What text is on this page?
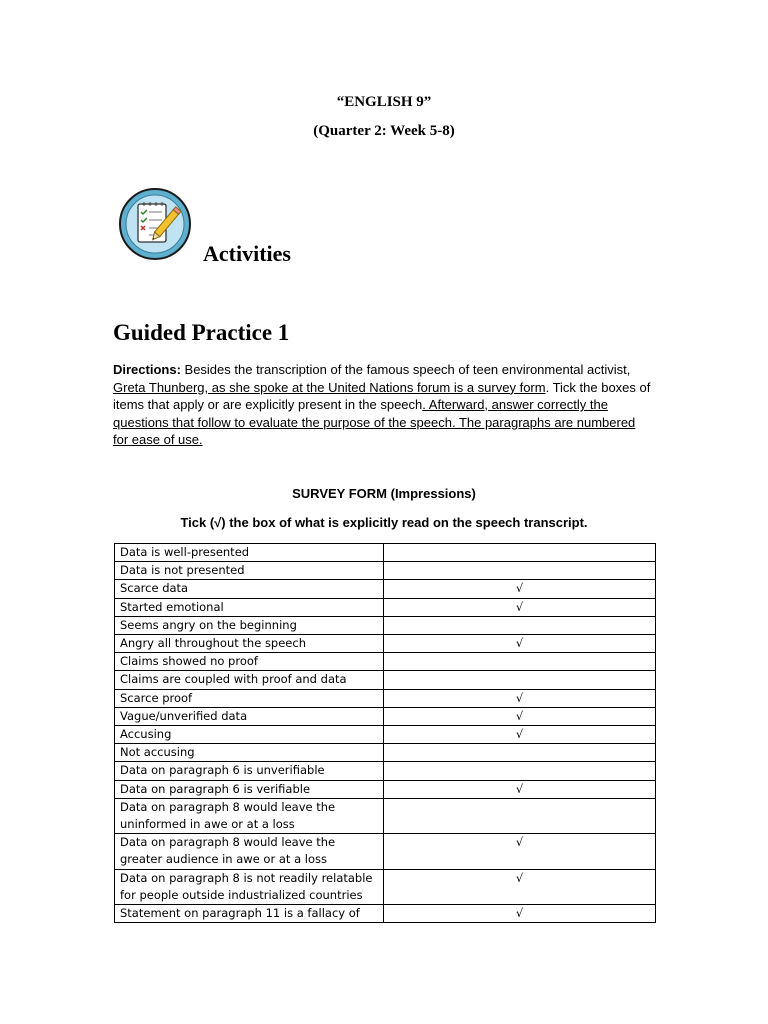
“ENGLISH 9”
(Quarter 2: Week 5-8)
Activities
Guided Practice 1
Directions: Besides the transcription of the famous speech of teen environmental activist, Greta Thunberg, as she spoke at the United Nations forum is a survey form. Tick the boxes of items that apply or are explicitly present in the speech. Afterward, answer correctly the questions that follow to evaluate the purpose of the speech. The paragraphs are numbered for ease of use.
SURVEY FORM (Impressions)
Tick (√) the box of what is explicitly read on the speech transcript.
Data is well-presented	
Data is not presented	
Scarce data	√
Started emotional	√
Seems angry on the beginning	
Angry all throughout the speech	√
Claims showed no proof	
Claims are coupled with proof and data	
Scarce proof	√
Vague/unverified data	√
Accusing	√
Not accusing	
Data on paragraph 6 is unverifiable	
Data on paragraph 6 is verifiable	√
Data on paragraph 8 would leave the uninformed in awe or at a loss	
Data on paragraph 8 would leave the greater audience in awe or at a loss	√
Data on paragraph 8 is not readily relatable for people outside industrialized countries	√
Statement on paragraph 11 is a fallacy of	√
